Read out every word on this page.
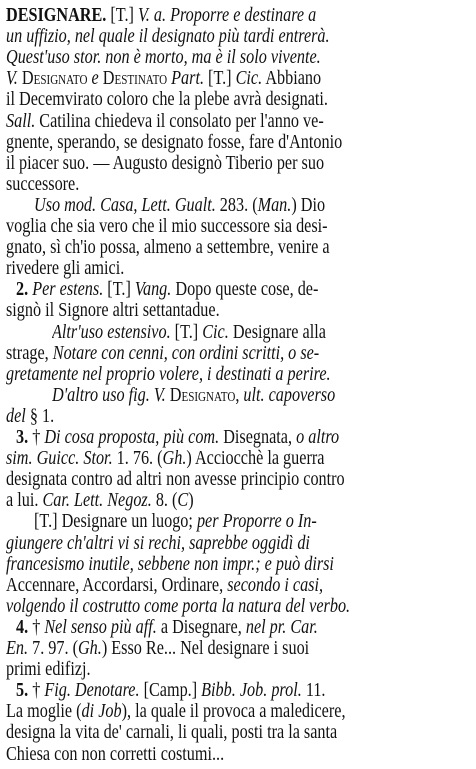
DESIGNARE. [T.] V. a. Proporre e destinare a
un uffizio, nel quale il designato più tardi entrerà.
Quest'uso stor. non è morto, ma è il solo vivente.
V. Designato e Destinato Part. [T.] Cic. Abbiano
il Decemvirato coloro che la plebe avrà designati.
Sall. Catilina chiedeva il consolato per l'anno ve-
gnente, sperando, se designato fosse, fare d'Antonio
il piacer suo. — Augusto designò Tiberio per suo
successore.
Uso mod. Casa, Lett. Gualt. 283. (Man.) Dio
voglia che sia vero che il mio successore sia desi-
gnato, sì ch'io possa, almeno a settembre, venire a
rivedere gli amici.
2. Per estens. [T.] Vang. Dopo queste cose, de-
signò il Signore altri settantadue.
Altr'uso estensivo. [T.] Cic. Designare alla
strage, Notare con cenni, con ordini scritti, o se-
gretamente nel proprio volere, i destinati a perire.
D'altro uso fig. V. Designato, ult. capoverso
del § 1.
3. † Di cosa proposta, più com. Disegnata, o altro
sim. Guicc. Stor. 1. 76. (Gh.) Acciocchè la guerra
designata contro ad altri non avesse principio contro
a lui. Car. Lett. Negoz. 8. (C)
[T.] Designare un luogo; per Proporre o In-
giungere ch'altri vi si rechi, saprebbe oggidì di
francesismo inutile, sebbene non impr.; e può dirsi
Accennare, Accordarsi, Ordinare, secondo i casi,
volgendo il costrutto come porta la natura del verbo.
4. † Nel senso più aff. a Disegnare, nel pr. Car.
En. 7. 97. (Gh.) Esso Re... Nel designare i suoi
primi edifizj.
5. † Fig. Denotare. [Camp.] Bibb. Job. prol. 11.
La moglie (di Job), la quale il provoca a maledicere,
designa la vita de' carnali, li quali, posti tra la santa
Chiesa con non corretti costumi...
